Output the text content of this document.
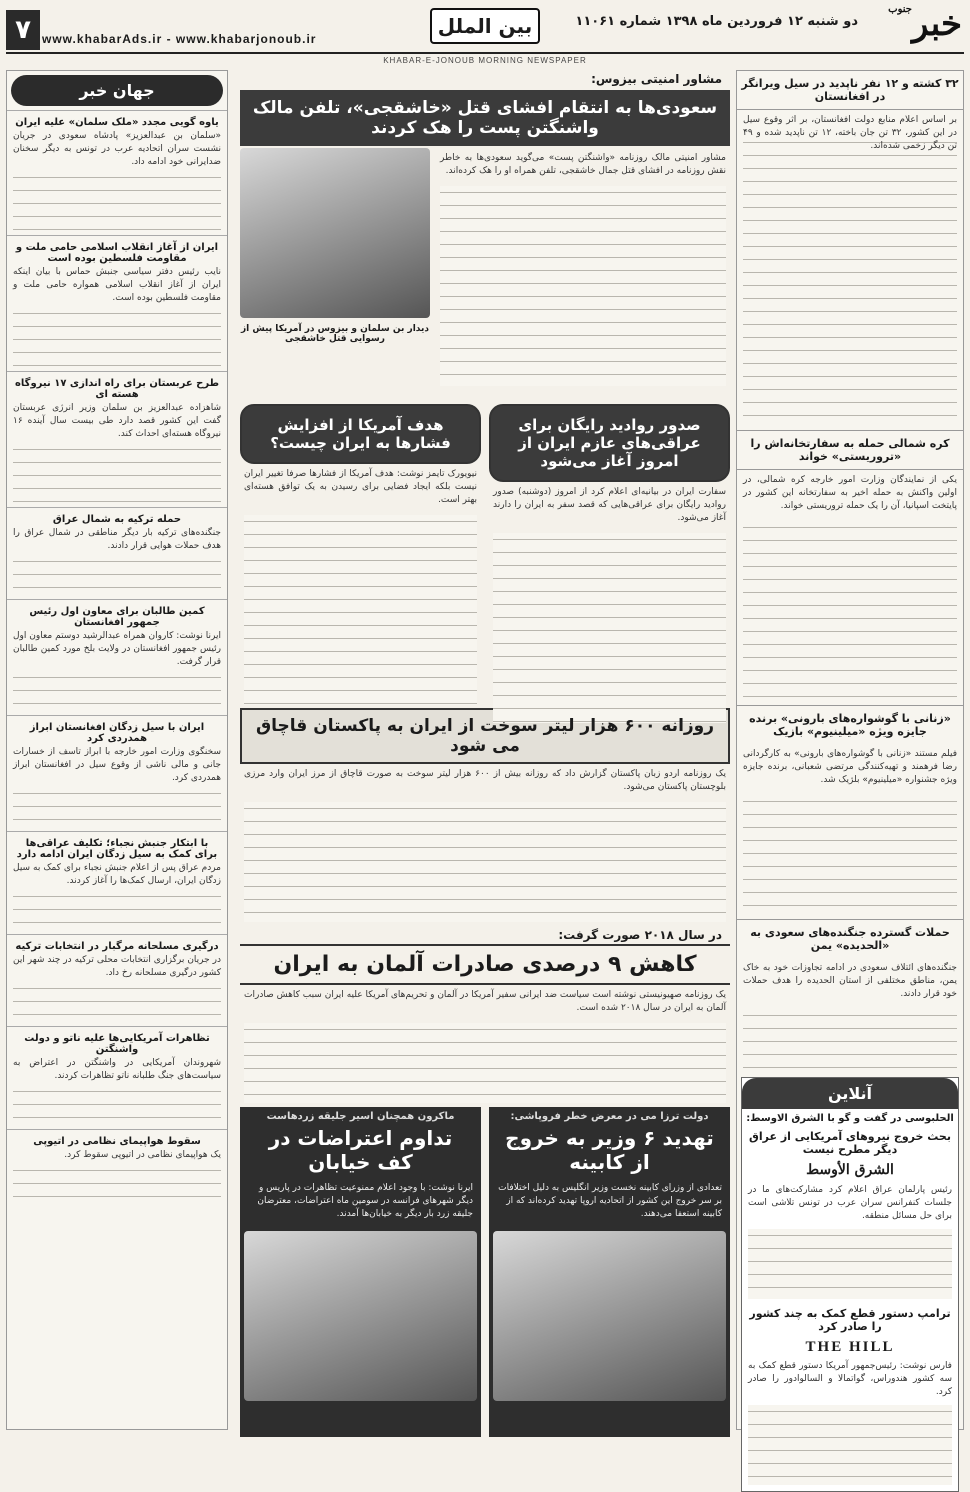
خبر$^{جنوب}$
دو شنبه ۱۲ فروردین ماه ۱۳۹۸ شماره ۱۱۰۶۱
بین الملل
www.khabarAds.ir - www.khabarjonoub.ir
۷
KHABAR-E-JONOUB MORNING NEWSPAPER
۳۲ کشته و ۱۲ نفر ناپدید در سیل ویرانگر در افغانستان
بر اساس اعلام منابع دولت افغانستان، بر اثر وقوع سیل در این کشور، ۳۲ تن جان باخته، ۱۲ تن ناپدید شده و ۴۹ تن دیگر زخمی شده‌اند.
کره شمالی حمله به سفارتخانه‌اش را «تروریستی» خواند
یکی از نمایندگان وزارت امور خارجه کره شمالی، در اولین واکنش به حمله اخیر به سفارتخانه این کشور در پایتخت اسپانیا، آن را یک حمله تروریستی خواند.
«زنانی با گوشواره‌های بارونی» برنده جایزه ویژه «میلینیوم» بازیک
فیلم مستند «زنانی با گوشواره‌های بارونی» به کارگردانی رضا فرهمند و تهیه‌کنندگی مرتضی شعبانی، برنده جایزه ویژه جشنواره «میلینیوم» بلژیک شد.
حملات گسترده جنگنده‌های سعودی به «الحدیده» یمن
جنگنده‌های ائتلاف سعودی در ادامه تجاوزات خود به خاک یمن، مناطق مختلفی از استان الحدیده را هدف حملات خود قرار دادند.
آنلاین
الحلبوسی در گفت و گو با الشرق الاوسط:
بحث خروج نیروهای آمریکایی از عراق دیگر مطرح نیست
الشرق الأوسط
رئیس پارلمان عراق اعلام کرد مشارکت‌های ما در جلسات کنفرانس سران عرب در تونس تلاشی است برای حل مسائل منطقه.
ترامپ دستور قطع کمک به چند کشور را صادر کرد
THE HILL
فارس نوشت: رئیس‌جمهور آمریکا دستور قطع کمک به سه کشور هندوراس، گواتمالا و السالوادور را صادر کرد.
مشاور امنیتی بیزوس:
سعودی‌ها به انتقام افشای قتل «خاشقجی»، تلفن مالک واشنگتن پست را هک کردند
مشاور امنیتی مالک روزنامه «واشنگتن پست» می‌گوید سعودی‌ها به خاطر نقش روزنامه در افشای قتل جمال خاشقجی، تلفن همراه او را هک کرده‌اند.
دیدار بن سلمان و بیزوس در آمریکا پیش از رسوایی قتل خاشقجی
صدور روادید رایگان برای عراقی‌های عازم ایران از امروز آغاز می‌شود
سفارت ایران در بیانیه‌ای اعلام کرد از امروز (دوشنبه) صدور روادید رایگان برای عراقی‌هایی که قصد سفر به ایران را دارند آغاز می‌شود.
هدف آمریکا از افزایش فشارها به ایران چیست؟
نیویورک تایمز نوشت: هدف آمریکا از فشارها صرفا تغییر ایران نیست بلکه ایجاد فضایی برای رسیدن به یک توافق هسته‌ای بهتر است.
روزانه ۶۰۰ هزار لیتر سوخت از ایران به پاکستان قاچاق می شود
یک روزنامه اردو زبان پاکستان گزارش داد که روزانه بیش از ۶۰۰ هزار لیتر سوخت به صورت قاچاق از مرز ایران وارد مرزی بلوچستان پاکستان می‌شود.
در سال ۲۰۱۸ صورت گرفت:
کاهش ۹ درصدی صادرات آلمان به ایران
یک روزنامه صهیونیستی نوشته است سیاست ضد ایرانی سفیر آمریکا در آلمان و تحریم‌های آمریکا علیه ایران سبب کاهش صادرات آلمان به ایران در سال ۲۰۱۸ شده است.
دولت ترزا می در معرض خطر فروپاشی:
تهدید ۶ وزیر به خروج از کابینه
تعدادی از وزرای کابینه نخست وزیر انگلیس به دلیل اختلافات بر سر خروج این کشور از اتحادیه اروپا تهدید کرده‌اند که از کابینه استعفا می‌دهند.
ماکرون همچنان اسیر جلیقه زردهاست
تداوم اعتراضات در کف خیابان
ایرنا نوشت: با وجود اعلام ممنوعیت تظاهرات در پاریس و دیگر شهرهای فرانسه در سومین ماه اعتراضات، معترضان جلیقه زرد بار دیگر به خیابان‌ها آمدند.
جهان خبر
یاوه گویی مجدد «ملک سلمان» علیه ایران
«سلمان بن عبدالعزیز» پادشاه سعودی در جریان نشست سران اتحادیه عرب در تونس به دیگر سخنان ضدایرانی خود ادامه داد.
ایران از آغاز انقلاب اسلامی حامی ملت و مقاومت فلسطین بوده است
نایب رئیس دفتر سیاسی جنبش حماس با بیان اینکه ایران از آغاز انقلاب اسلامی همواره حامی ملت و مقاومت فلسطین بوده است.
طرح عربستان برای راه اندازی ۱۷ نیروگاه هسته ای
شاهزاده عبدالعزیز بن سلمان وزیر انرژی عربستان گفت این کشور قصد دارد طی بیست سال آینده ۱۶ نیروگاه هسته‌ای احداث کند.
حمله ترکیه به شمال عراق
جنگنده‌های ترکیه بار دیگر مناطقی در شمال عراق را هدف حملات هوایی قرار دادند.
کمین طالبان برای معاون اول رئیس جمهور افغانستان
ایرنا نوشت: کاروان همراه عبدالرشید دوستم معاون اول رئیس جمهور افغانستان در ولایت بلخ مورد کمین طالبان قرار گرفت.
ایران با سیل زدگان افغانستان ابراز همدردی کرد
سخنگوی وزارت امور خارجه با ابراز تاسف از خسارات جانی و مالی ناشی از وقوع سیل در افغانستان ابراز همدردی کرد.
با ابتکار جنبش نجباء؛ تکلیف عراقی‌ها برای کمک به سیل زدگان ایران ادامه دارد
مردم عراق پس از اعلام جنبش نجباء برای کمک به سیل زدگان ایران، ارسال کمک‌ها را آغاز کردند.
درگیری مسلحانه مرگبار در انتخابات ترکیه
در جریان برگزاری انتخابات محلی ترکیه در چند شهر این کشور درگیری مسلحانه رخ داد.
تظاهرات آمریکایی‌ها علیه ناتو و دولت واشنگتن
شهروندان آمریکایی در واشنگتن در اعتراض به سیاست‌های جنگ طلبانه ناتو تظاهرات کردند.
سقوط هواپیمای نظامی در اتیوپی
یک هواپیمای نظامی در اتیوپی سقوط کرد.
